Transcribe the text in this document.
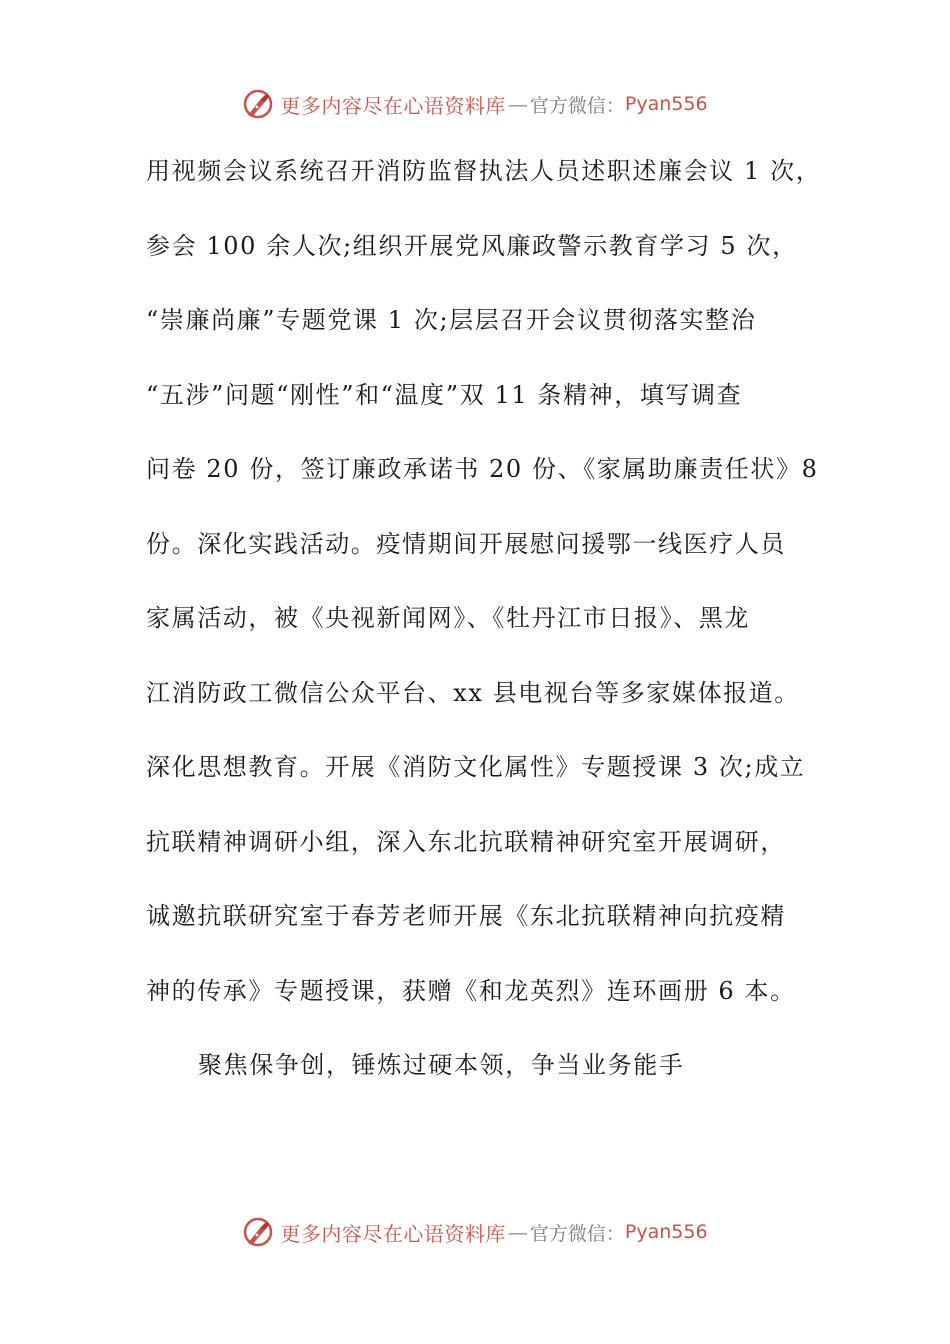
更多内容尽在心语资料库 — 官方微信： Pyan556
用视频会议系统召开消防监督执法人员述职述廉会议 1 次，
参会 100 余人次;组织开展党风廉政警示教育学习 5 次，
“崇廉尚廉”专题党课 1 次;层层召开会议贯彻落实整治
“五涉”问题“刚性”和“温度”双 11 条精神，填写调查
问卷 20 份，签订廉政承诺书 20 份、《家属助廉责任状》8
份。深化实践活动。疫情期间开展慰问援鄂一线医疗人员
家属活动，被《央视新闻网》、《牡丹江市日报》、黑龙
江消防政工微信公众平台、xx 县电视台等多家媒体报道。
深化思想教育。开展《消防文化属性》专题授课 3 次;成立
抗联精神调研小组，深入东北抗联精神研究室开展调研，
诚邀抗联研究室于春芳老师开展《东北抗联精神向抗疫精
神的传承》专题授课，获赠《和龙英烈》连环画册 6 本。
聚焦保争创，锤炼过硬本领，争当业务能手
更多内容尽在心语资料库 — 官方微信： Pyan556
